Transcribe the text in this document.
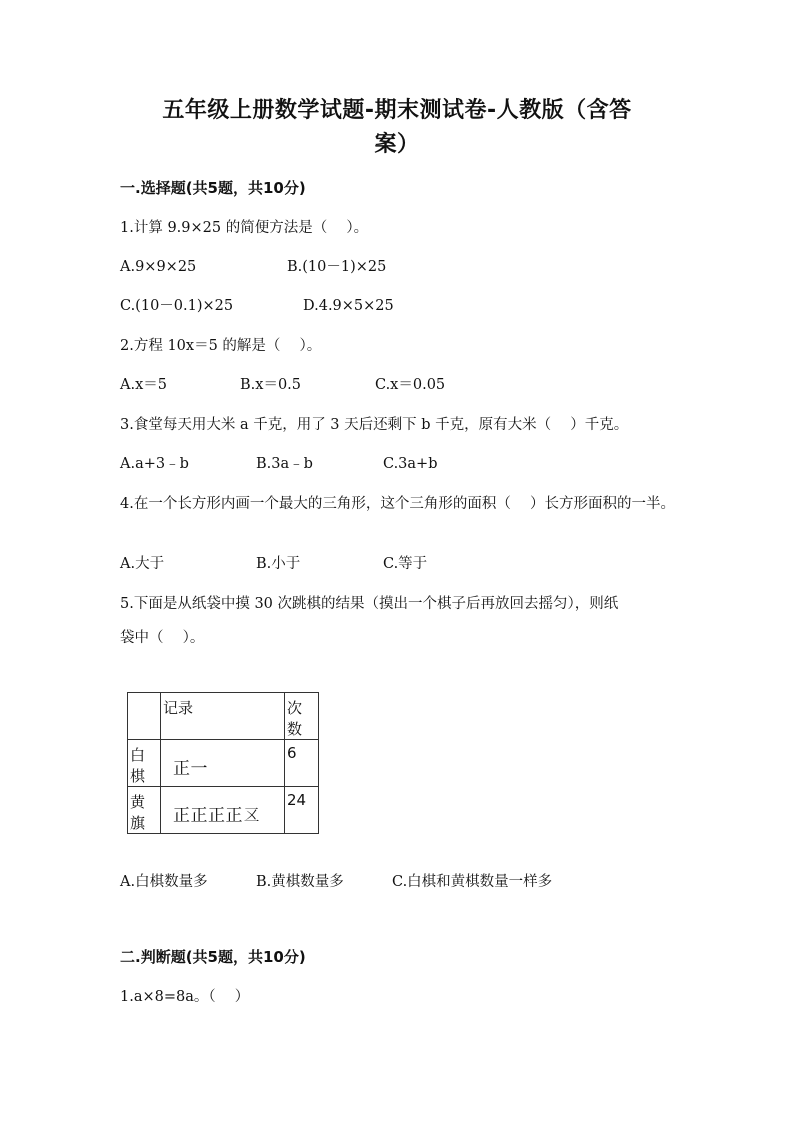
五年级上册数学试题-期末测试卷-人教版（含答
案）
一.选择题(共5题，共10分)
1.计算 9.9×25 的简便方法是（　 ）。
A.9×9×25	B.(10－1)×25
C.(10－0.1)×25	D.4.9×5×25
2.方程 10x＝5 的解是（　 ）。
A.x＝5	B.x＝0.5	C.x＝0.05
3.食堂每天用大米 a 千克，用了 3 天后还剩下 b 千克，原有大米（　 ）千克。
A.a+3﹣b	B.3a﹣b	C.3a+b
4.在一个长方形内画一个最大的三角形，这个三角形的面积（　 ）长方形面积的一半。
A.大于	B.小于	C.等于
5.下面是从纸袋中摸 30 次跳棋的结果（摸出一个棋子后再放回去摇匀），则纸
袋中（　 ）。
	记录	次数
白棋	正一	6
黄旗	正正正正𠄡	24
A.白棋数量多	B.黄棋数量多	C.白棋和黄棋数量一样多
二.判断题(共5题，共10分)
1.a×8=8a。（　 ）
